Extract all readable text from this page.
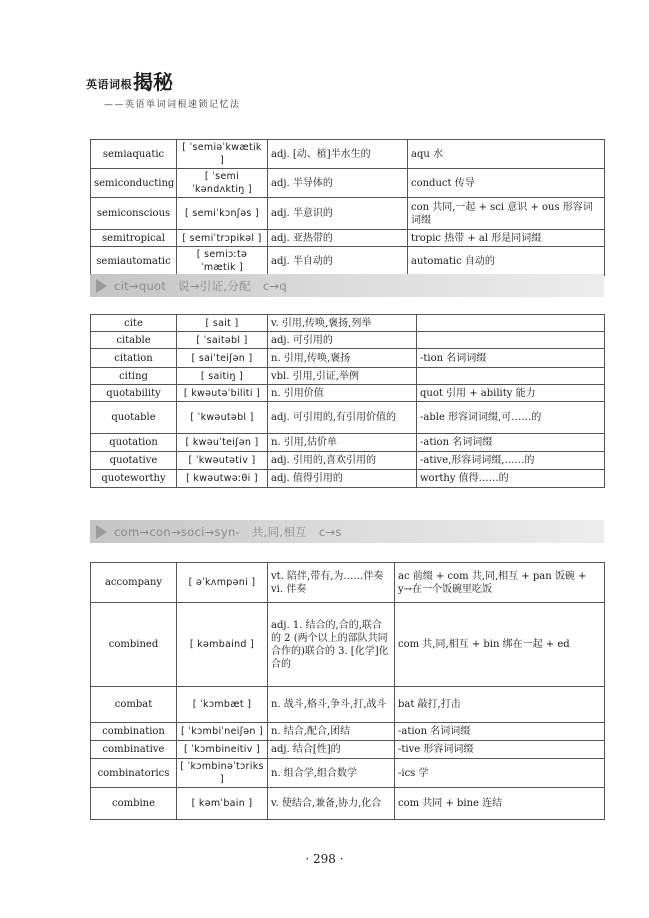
英语词根 揭秘
——英语单词词根速锁记忆法
semiaquatic	[ ˈsemiəˈkwætik ]	adj. [动、植]半水生的	aqu 水
semiconducting	[ ˈsemiˈkəndʌktiŋ ]	adj. 半导体的	conduct 传导
semiconscious	[ semiˈkɔnʃəs ]	adj. 半意识的	con 共同,一起 + sci 意识 + ous 形容词词缀
semitropical	[ semiˈtrɔpikəl ]	adj. 亚热带的	tropic 热带 + al 形是同词缀
semiautomatic	[ semiɔːtəˈmætik ]	adj. 半自动的	automatic 自动的
cit→quot   说→引证,分配   c→q
cite	[ sait ]	v. 引用,传唤,褒扬,列举	
citable	[ ˈsaitəbl ]	adj. 可引用的	
citation	[ saiˈteiʃən ]	n. 引用,传唤,褒扬	-tion 名词词缀
citing	[ saitiŋ ]	vbl. 引用,引证,举例	
quotability	[ kwəutəˈbiliti ]	n. 引用价值	quot 引用 + ability 能力
quotable	[ ˈkwəutəbl ]	adj. 可引用的,有引用价值的	-able 形容词词缀,可……的
quotation	[ kwəuˈteiʃən ]	n. 引用,估价单	-ation 名词词缀
quotative	[ ˈkwəutətiv ]	adj. 引用的,喜欢引用的	-ative,形容词词缀,……的
quoteworthy	[ kwəutwəːθi ]	adj. 值得引用的	worthy 值得……的
com→con→soci→syn-   共,同,相互   c→s
accompany	[ əˈkʌmpəni ]	vt. 陪伴,带有,为……伴奏 vi. 伴奏	ac 前缀 + com 共,同,相互 + pan 饭碗 + y→在一个饭碗里吃饭
combined	[ kəmbaind ]	adj. 1. 结合的,合的,联合的 2 (两个以上的部队共同合作的)联合的 3. [化学]化合的	com 共,同,相互 + bin 绑在一起 + ed
combat	[ ˈkɔmbæt ]	n. 战斗,格斗,争斗,打,战斗	bat 敲打,打击
combination	[ ˈkɔmbiˈneiʃən ]	n. 结合,配合,团结	-ation 名词词缀
combinative	[ ˈkɔmbineitiv ]	adj. 结合[性]的	-tive 形容词词缀
combinatorics	[ ˈkɔmbinəˈtɔriks ]	n. 组合学,组合数学	-ics 学
combine	[ kəmˈbain ]	v. 使结合,兼备,协力,化合	com 共同 + bine 连结
· 298 ·
